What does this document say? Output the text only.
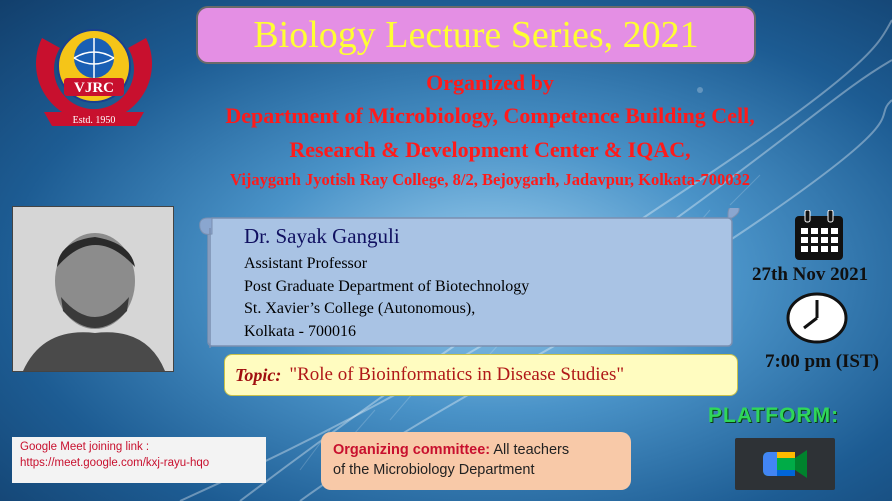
VJRC
Estd. 1950
Biology Lecture Series, 2021
Organized by
Department of Microbiology, Competence Building Cell,
Research & Development Center & IQAC,
Vijaygarh Jyotish Ray College, 8/2, Bejoygarh, Jadavpur, Kolkata-700032
Dr. Sayak Ganguli
Assistant Professor
Post Graduate Department of Biotechnology
St. Xavier’s College (Autonomous),
Kolkata - 700016
Topic: "Role of Bioinformatics in Disease Studies"
27th Nov 2021
7:00 pm (IST)
PLATFORM:
Google Meet joining link :
https://meet.google.com/kxj-rayu-hqo
Organizing committee: All teachers
of the Microbiology Department
